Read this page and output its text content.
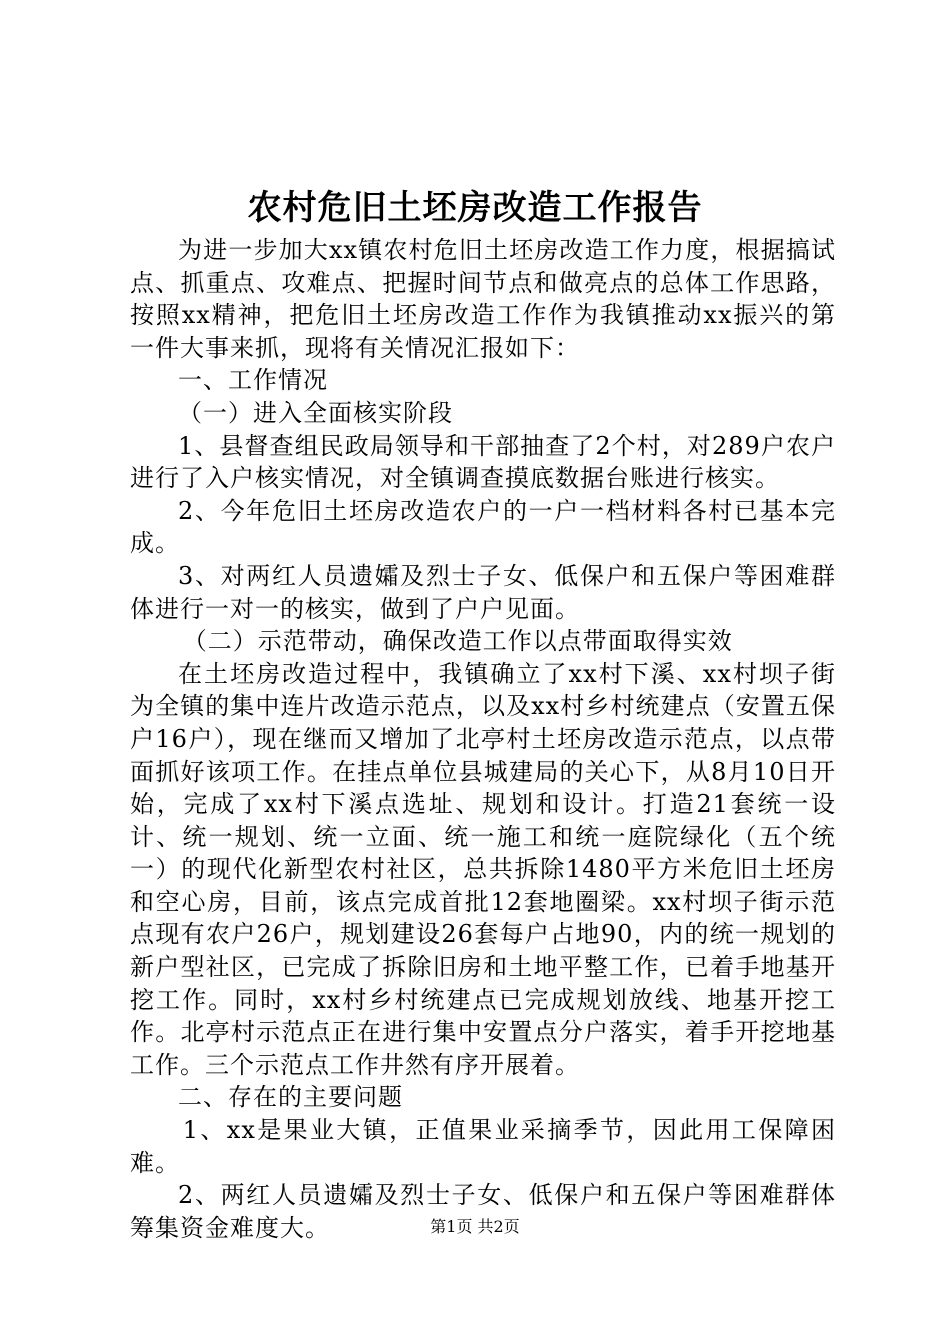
农村危旧土坯房改造工作报告

为进一步加大xx镇农村危旧土坯房改造工作力度，根据搞试点、抓重点、攻难点、把握时间节点和做亮点的总体工作思路，按照xx精神，把危旧土坯房改造工作作为我镇推动xx振兴的第一件大事来抓，现将有关情况汇报如下：

一、工作情况

（一）进入全面核实阶段

1、县督查组民政局领导和干部抽查了2个村，对289户农户进行了入户核实情况，对全镇调查摸底数据台账进行核实。

2、今年危旧土坯房改造农户的一户一档材料各村已基本完成。

3、对两红人员遗孀及烈士子女、低保户和五保户等困难群体进行一对一的核实，做到了户户见面。

（二）示范带动，确保改造工作以点带面取得实效

在土坯房改造过程中，我镇确立了xx村下溪、xx村坝子街为全镇的集中连片改造示范点，以及xx村乡村统建点（安置五保户16户），现在继而又增加了北亭村土坯房改造示范点，以点带面抓好该项工作。在挂点单位县城建局的关心下，从8月10日开始，完成了xx村下溪点选址、规划和设计。打造21套统一设计、统一规划、统一立面、统一施工和统一庭院绿化（五个统一）的现代化新型农村社区，总共拆除1480平方米危旧土坯房和空心房，目前，该点完成首批12套地圈梁。xx村坝子街示范点现有农户26户，规划建设26套每户占地90，内的统一规划的新户型社区，已完成了拆除旧房和土地平整工作，已着手地基开挖工作。同时，xx村乡村统建点已完成规划放线、地基开挖工作。北亭村示范点正在进行集中安置点分户落实，着手开挖地基工作。三个示范点工作井然有序开展着。

二、存在的主要问题

1、xx是果业大镇，正值果业采摘季节，因此用工保障困难。

2、两红人员遗孀及烈士子女、低保户和五保户等困难群体筹集资金难度大。	第1页 共2页
